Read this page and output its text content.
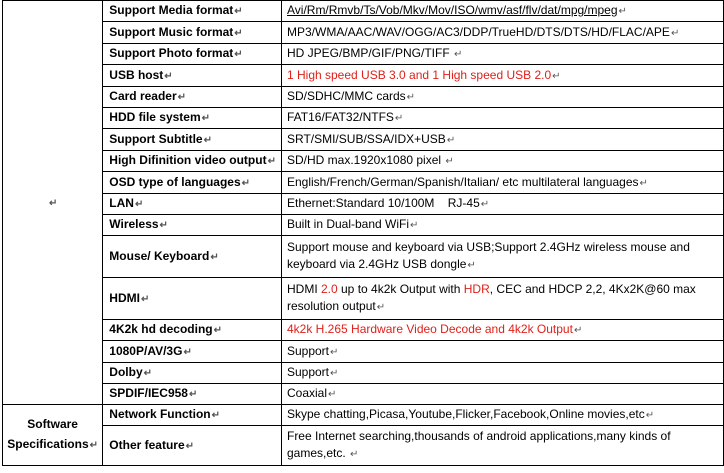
↵	Support Media format↵	Avi/Rm/Rmvb/Ts/Vob/Mkv/Mov/ISO/wmv/asf/flv/dat/mpg/mpeg↵
	Support Music format↵	MP3/WMA/AAC/WAV/OGG/AC3/DDP/TrueHD/DTS/DTS/HD/FLAC/APE↵
	Support Photo format↵	HD JPEG/BMP/GIF/PNG/TIFF ↵
	USB host↵	1 High speed USB 3.0 and 1 High speed USB 2.0↵
	Card reader↵	SD/SDHC/MMC cards↵
	HDD file system↵	FAT16/FAT32/NTFS↵
	Support Subtitle↵	SRT/SMI/SUB/SSA/IDX+USB↵
	High Difinition video output↵	SD/HD max.1920x1080 pixel ↵
	OSD type of languages↵	English/French/German/Spanish/Italian/ etc multilateral languages↵
	LAN↵	Ethernet:Standard 10/100M    RJ-45↵
	Wireless↵	Built in Dual-band WiFi↵
	Mouse/ Keyboard↵	Support mouse and keyboard via USB;Support 2.4GHz wireless mouse and keyboard via 2.4GHz USB dongle↵
	HDMI↵	HDMI 2.0 up to 4k2k Output with HDR, CEC and HDCP 2,2, 4Kx2K@60 max resolution output↵
	4K2k hd decoding↵	4k2k H.265 Hardware Video Decode and 4k2k Output↵
	1080P/AV/3G↵	Support↵
	Dolby↵	Support↵
	SPDIF/IEC958↵	Coaxial↵
Software Specifications↵	Network Function↵	Skype chatting,Picasa,Youtube,Flicker,Facebook,Online movies,etc↵
	Other feature↵	Free Internet searching,thousands of android applications,many kinds of games,etc. ↵
